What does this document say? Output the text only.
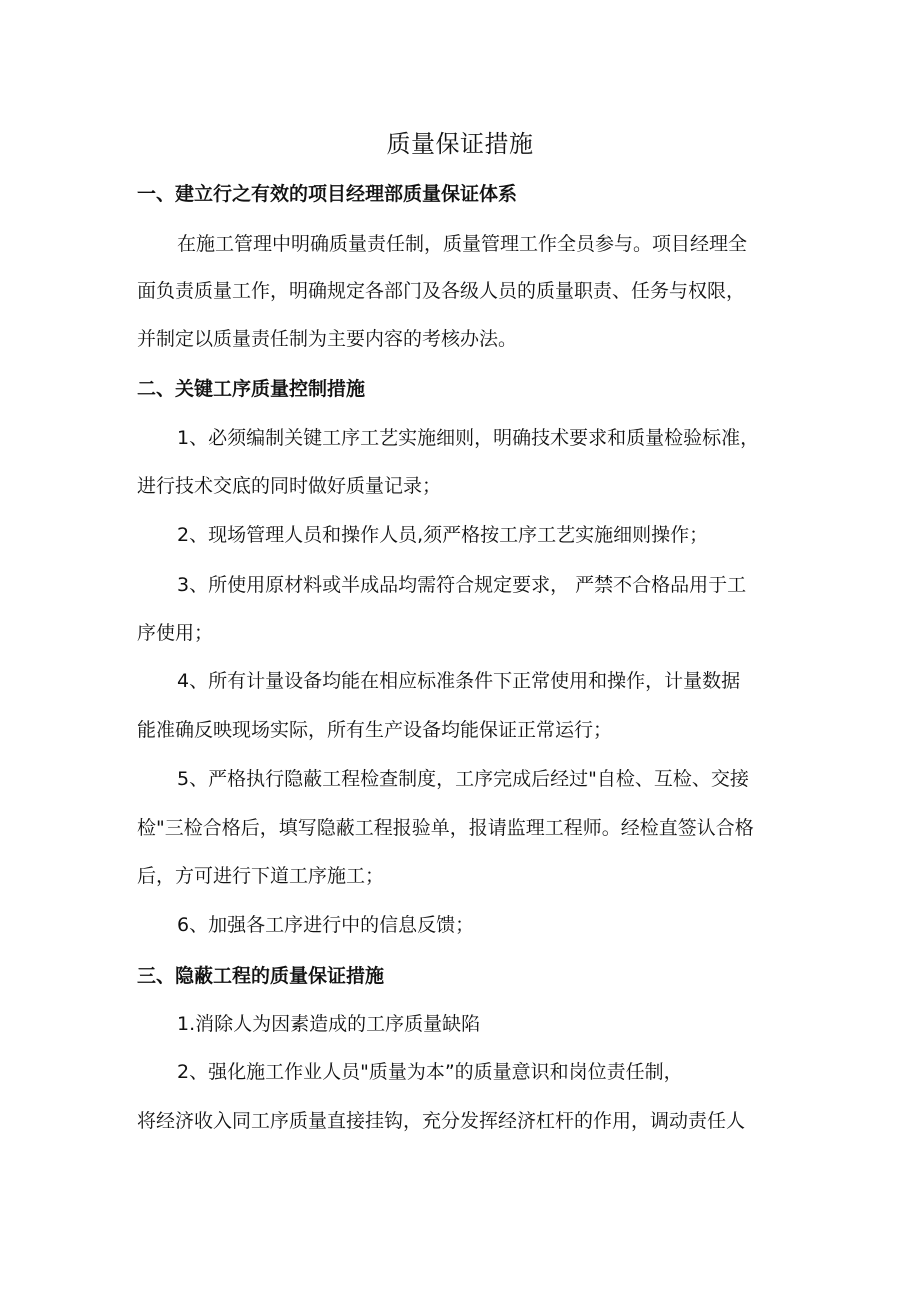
质量保证措施
一、建立行之有效的项目经理部质量保证体系
在施工管理中明确质量责任制，质量管理工作全员参与。项目经理全
面负责质量工作，明确规定各部门及各级人员的质量职责、任务与权限，
并制定以质量责任制为主要内容的考核办法。
二、关键工序质量控制措施
1、必须编制关键工序工艺实施细则，明确技术要求和质量检验标准，
进行技术交底的同时做好质量记录；
2、现场管理人员和操作人员,须严格按工序工艺实施细则操作；
3、所使用原材料或半成品均需符合规定要求， 严禁不合格品用于工
序使用；
4、所有计量设备均能在相应标准条件下正常使用和操作，计量数据
能准确反映现场实际，所有生产设备均能保证正常运行；
5、严格执行隐蔽工程检查制度，工序完成后经过"自检、互检、交接
检"三检合格后，填写隐蔽工程报验单，报请监理工程师。经检直签认合格
后，方可进行下道工序施工；
6、加强各工序进行中的信息反馈；
三、隐蔽工程的质量保证措施
1.消除人为因素造成的工序质量缺陷
2、强化施工作业人员"质量为本”的质量意识和岗位责任制，
将经济收入同工序质量直接挂钩，充分发挥经济杠杆的作用，调动责任人
